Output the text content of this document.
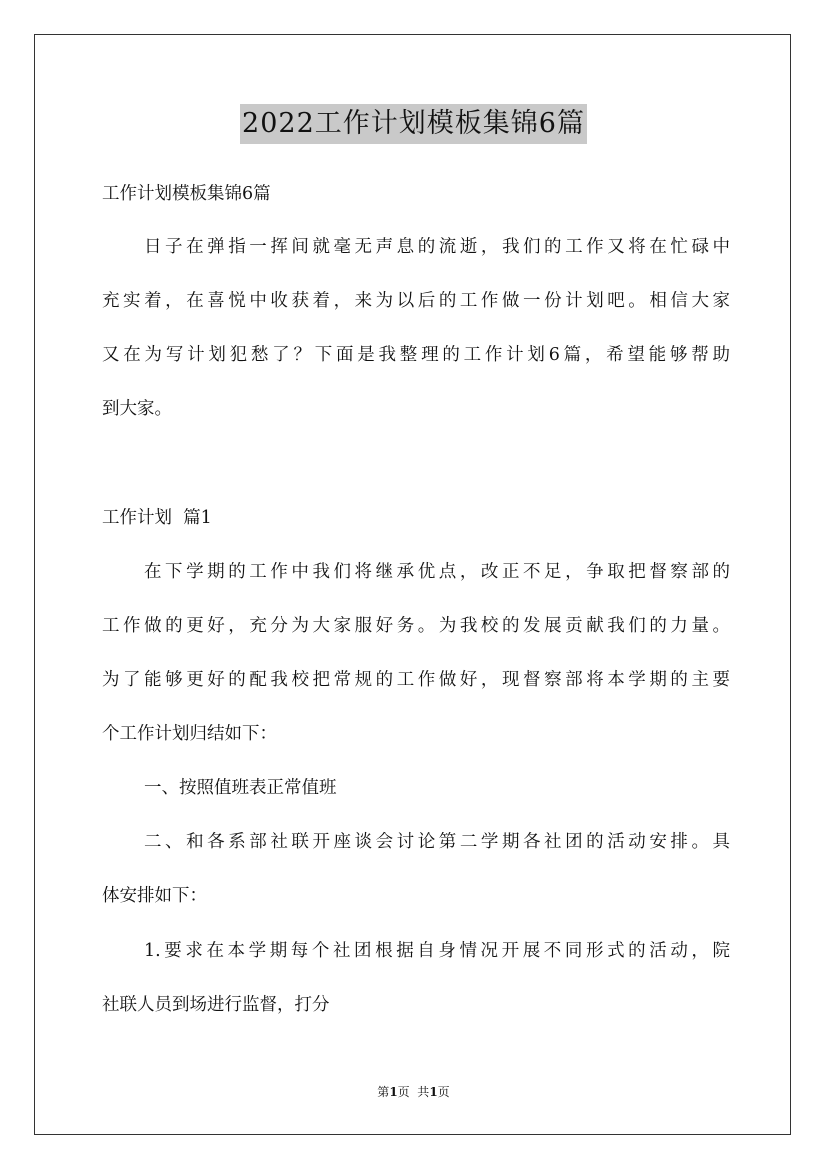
2022工作计划模板集锦6篇
工作计划模板集锦6篇
日子在弹指一挥间就毫无声息的流逝，我们的工作又将在忙碌中
充实着，在喜悦中收获着，来为以后的工作做一份计划吧。相信大家
又在为写计划犯愁了？下面是我整理的工作计划6篇，希望能够帮助
到大家。
工作计划  篇1
在下学期的工作中我们将继承优点，改正不足，争取把督察部的
工作做的更好，充分为大家服好务。为我校的发展贡献我们的力量。
为了能够更好的配我校把常规的工作做好，现督察部将本学期的主要
个工作计划归结如下：
一、按照值班表正常值班
二、和各系部社联开座谈会讨论第二学期各社团的活动安排。具
体安排如下：
1.要求在本学期每个社团根据自身情况开展不同形式的活动，院
社联人员到场进行监督，打分
第1页  共1页
